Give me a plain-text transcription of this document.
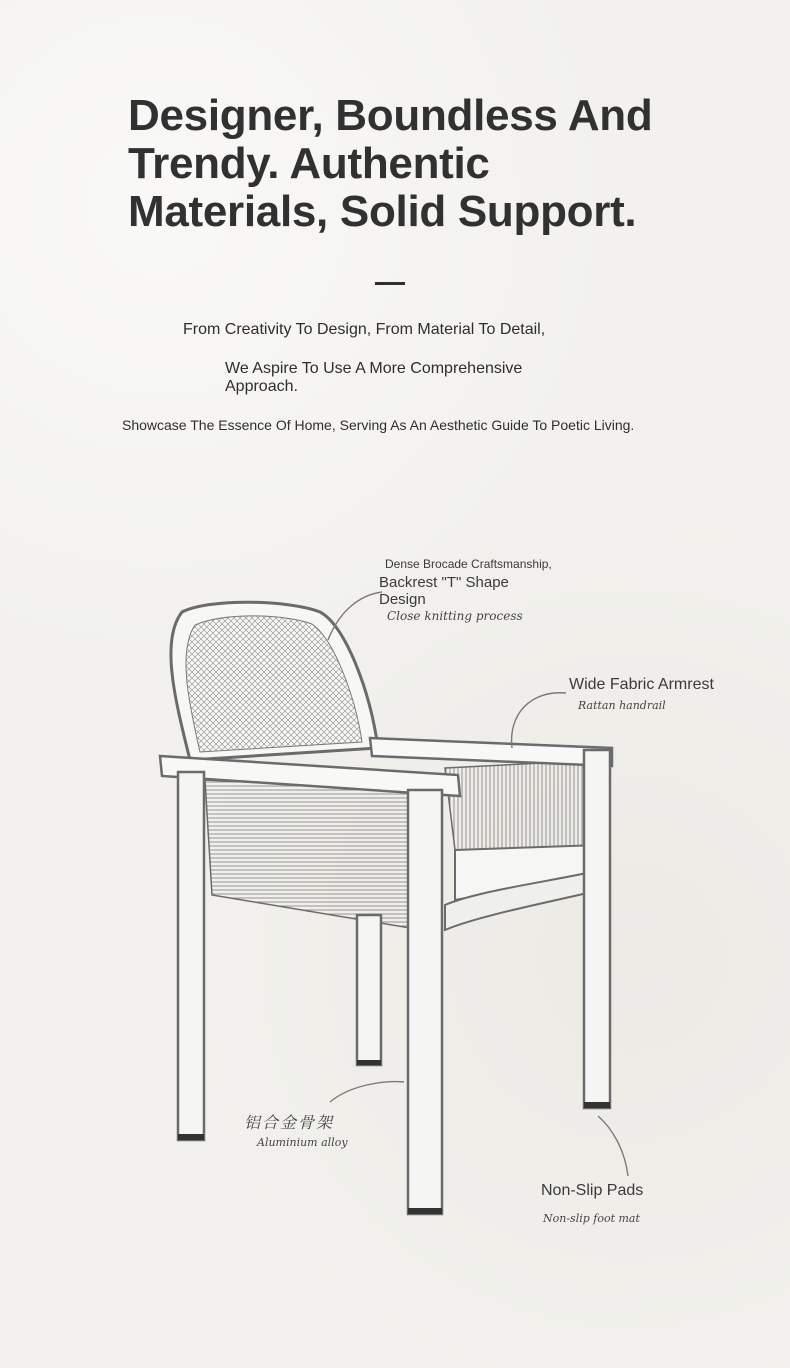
Designer, Boundless And
Trendy. Authentic
Materials, Solid Support.

From Creativity To Design, From Material To Detail,

We Aspire To Use A More Comprehensive Approach.

Showcase The Essence Of Home, Serving As An Aesthetic Guide To Poetic Living.

Dense Brocade Craftsmanship,
Backrest "T" Shape Design
Close knitting process
Wide Fabric Armrest
Rattan handrail
铝合金骨架
Aluminium alloy
Non-Slip Pads
Non-slip foot mat
